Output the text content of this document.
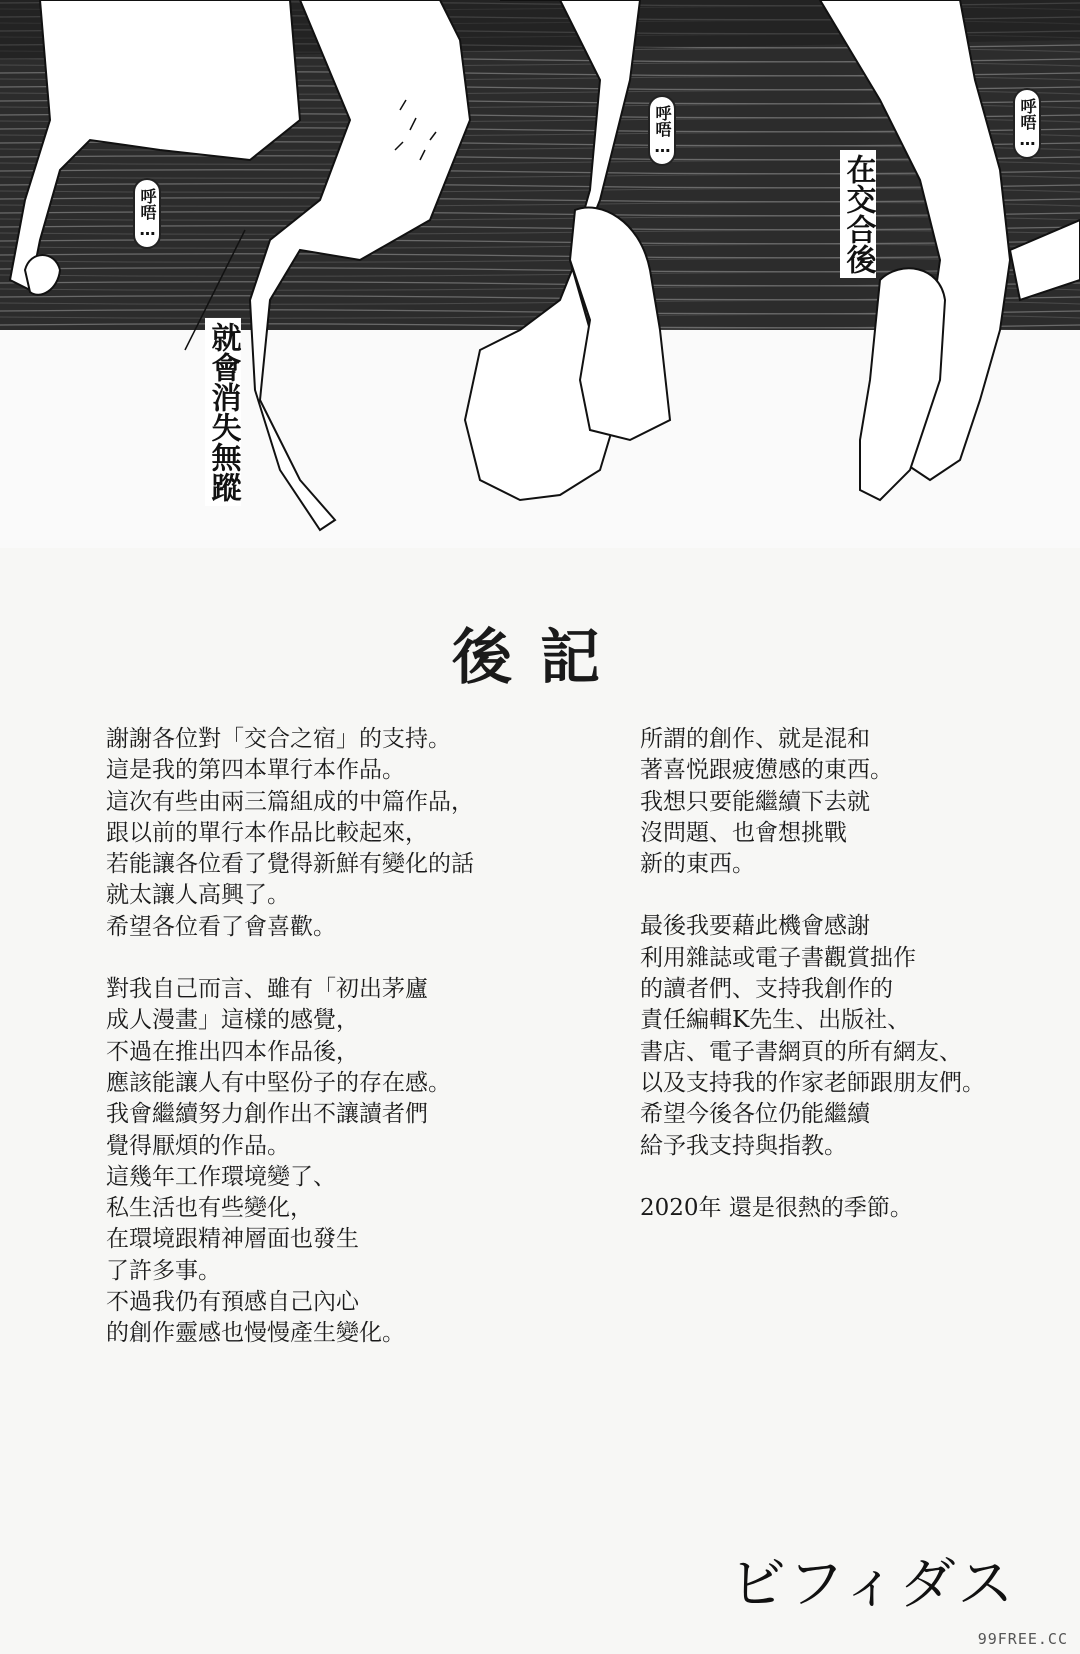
呼唔…
呼唔…	呼唔…
就會消失無蹤
在交合後
後記
謝謝各位對「交合之宿」的支持。
這是我的第四本單行本作品。
這次有些由兩三篇組成的中篇作品，
跟以前的單行本作品比較起來，
若能讓各位看了覺得新鮮有變化的話
就太讓人高興了。
希望各位看了會喜歡。
對我自己而言、雖有「初出茅廬
成人漫畫」這樣的感覺，
不過在推出四本作品後，
應該能讓人有中堅份子的存在感。
我會繼續努力創作出不讓讀者們
覺得厭煩的作品。
這幾年工作環境變了、
私生活也有些變化，
在環境跟精神層面也發生
了許多事。
不過我仍有預感自己內心
的創作靈感也慢慢產生變化。
所謂的創作、就是混和
著喜悦跟疲憊感的東西。
我想只要能繼續下去就
沒問題、也會想挑戰
新的東西。
最後我要藉此機會感謝
利用雜誌或電子書觀賞拙作
的讀者們、支持我創作的
責任編輯K先生、出版社、
書店、電子書網頁的所有網友、
以及支持我的作家老師跟朋友們。
希望今後各位仍能繼續
給予我支持與指教。
2020年 還是很熱的季節。
ビフィダス
99FREE.CC
